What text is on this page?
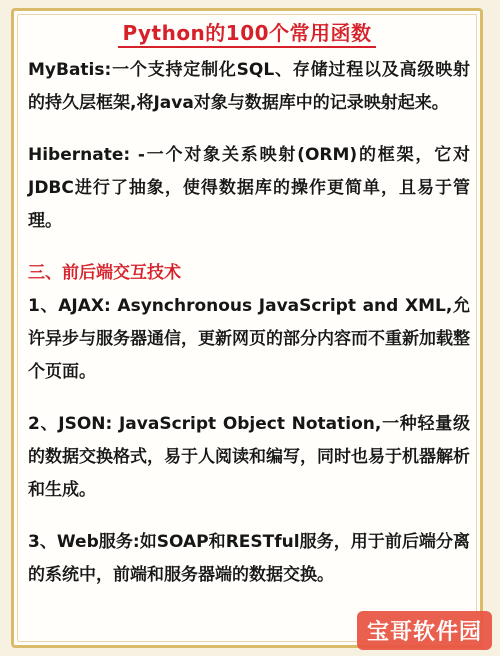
Python的100个常用函数

MyBatis:一个支持定制化SQL、存储过程以及高级映射的持久层框架,将Java对象与数据库中的记录映射起来。

Hibernate: -一个对象关系映射(ORM)的框架，它对JDBC进行了抽象，使得数据库的操作更简单，且易于管理。

三、前后端交互技术

1、AJAX: Asynchronous JavaScript and XML,允许异步与服务器通信，更新网页的部分内容而不重新加载整个页面。

2、JSON: JavaScript Object Notation,一种轻量级的数据交换格式，易于人阅读和编写，同时也易于机器解析和生成。

3、Web服务:如SOAP和RESTful服务，用于前后端分离的系统中，前端和服务器端的数据交换。

宝哥软件园
